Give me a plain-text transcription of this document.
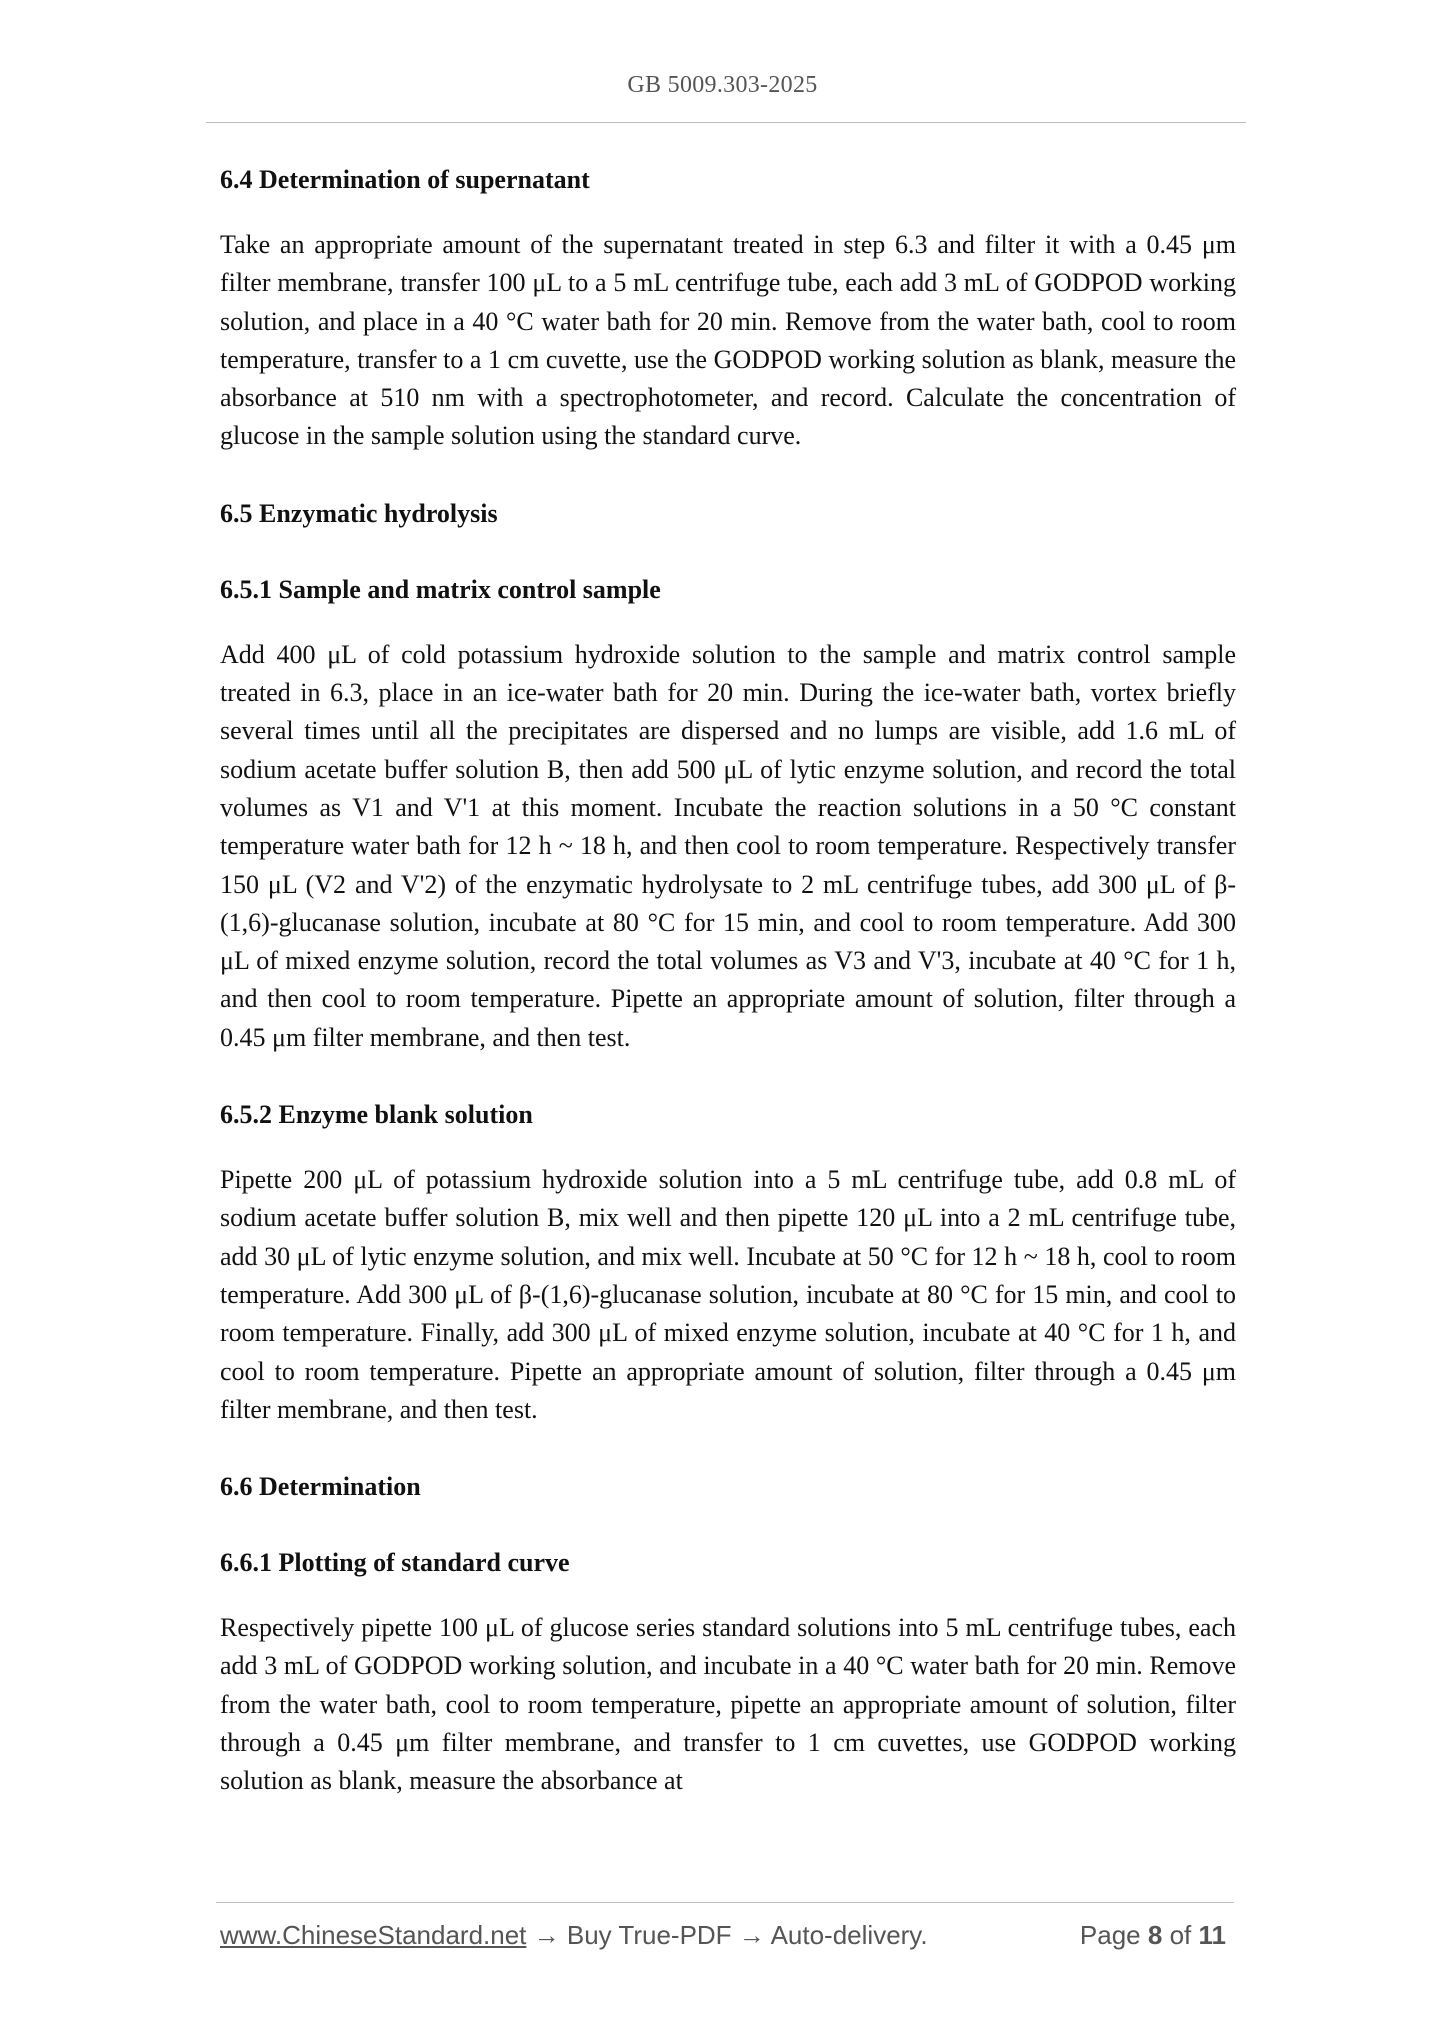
GB 5009.303-2025
6.4 Determination of supernatant

Take an appropriate amount of the supernatant treated in step 6.3 and filter it with a 0.45 μm filter membrane, transfer 100 μL to a 5 mL centrifuge tube, each add 3 mL of GODPOD working solution, and place in a 40 °C water bath for 20 min. Remove from the water bath, cool to room temperature, transfer to a 1 cm cuvette, use the GODPOD working solution as blank, measure the absorbance at 510 nm with a spectrophotometer, and record. Calculate the concentration of glucose in the sample solution using the standard curve.

6.5 Enzymatic hydrolysis
6.5.1 Sample and matrix control sample

Add 400 μL of cold potassium hydroxide solution to the sample and matrix control sample treated in 6.3, place in an ice-water bath for 20 min. During the ice-water bath, vortex briefly several times until all the precipitates are dispersed and no lumps are visible, add 1.6 mL of sodium acetate buffer solution B, then add 500 μL of lytic enzyme solution, and record the total volumes as V1 and V'1 at this moment. Incubate the reaction solutions in a 50 °C constant temperature water bath for 12 h ~ 18 h, and then cool to room temperature. Respectively transfer 150 μL (V2 and V'2) of the enzymatic hydrolysate to 2 mL centrifuge tubes, add 300 μL of β-(1,6)-glucanase solution, incubate at 80 °C for 15 min, and cool to room temperature. Add 300 μL of mixed enzyme solution, record the total volumes as V3 and V'3, incubate at 40 °C for 1 h, and then cool to room temperature. Pipette an appropriate amount of solution, filter through a 0.45 μm filter membrane, and then test.

6.5.2 Enzyme blank solution

Pipette 200 μL of potassium hydroxide solution into a 5 mL centrifuge tube, add 0.8 mL of sodium acetate buffer solution B, mix well and then pipette 120 μL into a 2 mL centrifuge tube, add 30 μL of lytic enzyme solution, and mix well. Incubate at 50 °C for 12 h ~ 18 h, cool to room temperature. Add 300 μL of β-(1,6)-glucanase solution, incubate at 80 °C for 15 min, and cool to room temperature. Finally, add 300 μL of mixed enzyme solution, incubate at 40 °C for 1 h, and cool to room temperature. Pipette an appropriate amount of solution, filter through a 0.45 μm filter membrane, and then test.

6.6 Determination
6.6.1 Plotting of standard curve

Respectively pipette 100 μL of glucose series standard solutions into 5 mL centrifuge tubes, each add 3 mL of GODPOD working solution, and incubate in a 40 °C water bath for 20 min. Remove from the water bath, cool to room temperature, pipette an appropriate amount of solution, filter through a 0.45 μm filter membrane, and transfer to 1 cm cuvettes, use GODPOD working solution as blank, measure the absorbance at

www.ChineseStandard.net → Buy True-PDF → Auto-delivery.	Page 8 of 11
